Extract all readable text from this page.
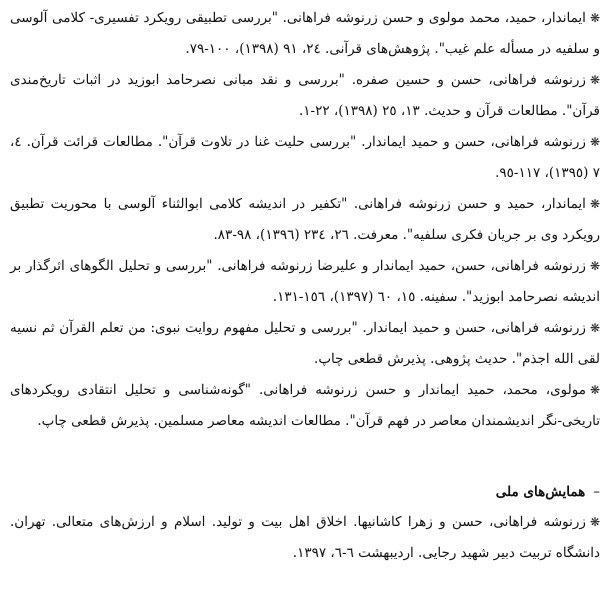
❋ایماندار، حمید، محمد مولوی و حسن زرنوشه فراهانی. "بررسی تطبیقی رویکرد تفسیری- کلامی آلوسی و سلفیه در مسأله علم غیب". پژوهش‌های قرآنی. ٢٤، ٩١ (١٣٩٨)، ١٠٠-٧٩.
❋زرنوشه فراهانی، حسن و حسین صفره. "بررسی و نقد مبانی نصرحامد ابوزید در اثبات تاریخ‌مندی قرآن". مطالعات قرآن و حدیث. ١٣، ٢٥ (١٣٩٨)، ٢٢-١.
❋زرنوشه فراهانی، حسن و حمید ایماندار. "بررسی حلیت غنا در تلاوت قرآن". مطالعات قرائت قرآن. ٤، ٧ (١٣٩٥)، ١١٧-٩٥.
❋ایماندار، حمید و حسن زرنوشه فراهانی. "تکفیر در اندیشه کلامی ابوالثناء آلوسی با محوریت تطبیق رویکرد وی بر جریان فکری سلفیه". معرفت. ٢٦، ٢٣٤ (١٣٩٦)، ٩٨-٨٣.
❋زرنوشه فراهانی، حسن، حمید ایماندار و علیرضا زرنوشه فراهانی. "بررسی و تحلیل الگوهای اثرگذار بر اندیشه نصرحامد ابوزید". سفینه. ١٥، ٦٠ (١٣٩٧)، ١٥٦-١٣١.
❋زرنوشه فراهانی، حسن و حمید ایماندار. "بررسی و تحلیل مفهوم روایت نبوی: من تعلم القرآن ثم نسیه لقی الله اجذم". حدیث پژوهی. پذیرش قطعی چاپ.
❋مولوی، محمد، حمید ایماندار و حسن زرنوشه فراهانی. "گونه‌شناسی و تحلیل انتقادی رویکردهای تاریخی-نگر اندیشمندان معاصر در فهم قرآن". مطالعات اندیشه معاصر مسلمین. پذیرش قطعی چاپ.
–همایش‌های ملی
❋زرنوشه فراهانی، حسن و زهرا کاشانیها. اخلاق اهل بیت و تولید. اسلام و ارزش‌های متعالی. تهران. دانشگاه تربیت دبیر شهید رجایی. اردیبهشت ٦-٦، ١٣٩٧.
